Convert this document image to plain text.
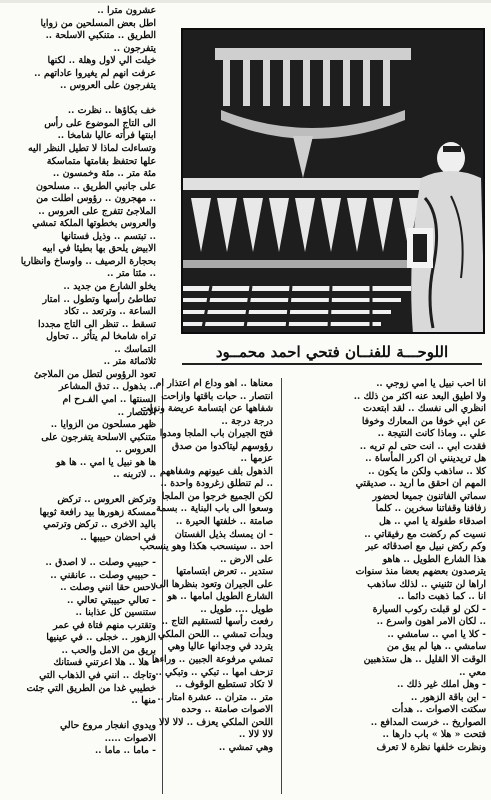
عشرون مترا ..

اطل بعض المسلحين من زوايا

الطريق .. متنكبي الاسلحة ..

يتفرجون ..

خيلت الي لاول وهلة .. لكنها

عرفت انهم لم يغيروا عاداتهم ..

يتفرجون على العروس ..

خف بكاؤها .. نظرت ..

الى التاج الموضوع على رأس

ابنتها فرأته عاليا شامخا ..

وتساءلت لماذا لا تطيل النظر اليه

علها تحتفظ بقامتها متماسكة

مئة متر .. مئة وخمسون ..

على جانبي الطريق .. مسلحون

.. مهجرون .. رؤوس اطلت من

الملاجئ تتفرج على العروس ..

والعروس بخطوتها الملكة تمشي

.. تبتسم .. وذيل فستانها

الابيض يلحق بها بطيئا في ابيه

بحجارة الرصيف .. واوساخ وانظاريا

.. مئتا متر ..

يخلو الشارع من جديد ..

تطاطئ رأسها وتطول .. امتار

الساعة .. وترتعد .. تكاد

تسقط .. تنظر الى التاج مجددا

تراه شامخا لم يتأثر .. تحاول

التماسك ..

ثلاثمائة متر ..

تعود الرؤوس لتطل من الملاجئ

.. بذهول .. تدق المشاعر

السنتها .. امي الفـرح ام

الانتصار ..

ظهر مسلحون من الزوايا ..

متنكبي الاسلحة يتفرجون على

العروس ..

ها هو نبيل يا امي .. ها هو

.. لاتربنه ..

وتركض العروس .. تركض

ممسكة زهورها بيد رافعة ثوبها

باليد الاخرى .. تركض وترتمي

في احضان حبيبها ..

- حبيبي وصلت .. لا اصدق ..

- حبيبي وصلت .. عانقني ..

لاحس حقا انني وصلت ..

- تعالي حبيبتي تعالي ..

ستنسين كل عذابنا ..

وتقترب منهم فتاة في عمر

الزهور .. خجلى .. في عينيها

بريق من الامل والحب ..

- هلا .. هلا اعرتني فستانك

وتاجك .. انني في الذهاب التي

خطيبي غدا من الطريق التي جئت

منها ..

ويدوي انفجار مروع حالي

الاصوات .....

- ماما .. ماما ..

معناها .. اهو وداع ام اعتذار ام

انتصار .. حبات باقتها وازاحت

شفاهها عن ابتسامة عريضة ونزلت

درجة درجة ..

فتح الجيران باب الملجا ومدوا

رؤوسهم ليتاكدوا من صدق

عزمها ..

الذهول بلف عيونهم وشفاههم

.. لم تنطلق زغرودة واحدة ..

لكن الجميع خرجوا من الملجا

وسعوا الى باب البناية .. بسمة

صامتة .. خلفتها الحيرة ..

- ان يمسك بذيل الفستان

احد .. سينسحب هكذا وهو ينسحب

على الارض ..

ستدير .. تعرض ابتسامتها

على الجيران وتعود بنظرها الى

الشارع الطويل امامها .. هو

طويل .... طويل ..

رفعت رأسها لتستقيم التاج ..

وبدأت تمشي .. اللحن الملكي

يتردد في وجدانها عاليا وهي

تمشي مرفوعة الجبين .. وراءها

تزحف امها .. تبكي .. وتبكي ..

لا تكاد تستطيع الوقوف ..

متر .. متران .. عشرة امتار ..

الاصوات صامتة .. وحده

اللحن الملكي يعزف .. لالا لالا

لالا لالا ..

وهي تمشي ..

انا احب نبيل يا امي زوجي ..

ولا اطيق البعد عنه اكثر من ذلك ..

انظري الى نفسك .. لقد ابتعدت

عن ابي خوفا من المعارك وخوفا

علي .. وماذا كانت النتيجة ..

فقدت ابي .. انت حتى لم تريه ..

هل تريدينني ان اكرر المأساة ..

كلا .. ساذهب ولكن ما يكون ..

المهم ان احقق ما اريد .. صديقتي

سماتي الفاتنون جميعا لحضور

زفافنا وقفاتنا سخرين .. كلما

اصدقاء طفولة يا امي .. هل

نسيت كم ركضت مع رفيقاتي ..

وكم ركض نبيل مع اصدقائه عبر

هذا الشارع الطويل .. هاهو

يترصدون بعضهم بعضا منذ سنوات

اراها لن تثنيني .. لذلك ساذهب

انا .. كما ذهبت دائما ..

- لكن لو قبلت ركوب السيارة

.. لكان الامر اهون واسرع ..

- كلا يا امي .. سامشي ..

سامشي .. هيا لم يبق من

الوقت الا القليل .. هل ستذهبين

معي ..

- وهل املك غير ذلك ..

- اين باقة الزهور ..

سكتت الاصوات .. هدأت

الصواريخ .. خرست المدافع ..

فتحت « هلا » باب دارها ..

ونظرت خلفها نظرة لا تعرف

اللوحـــة للفنــان فتحي احمد محمــود
